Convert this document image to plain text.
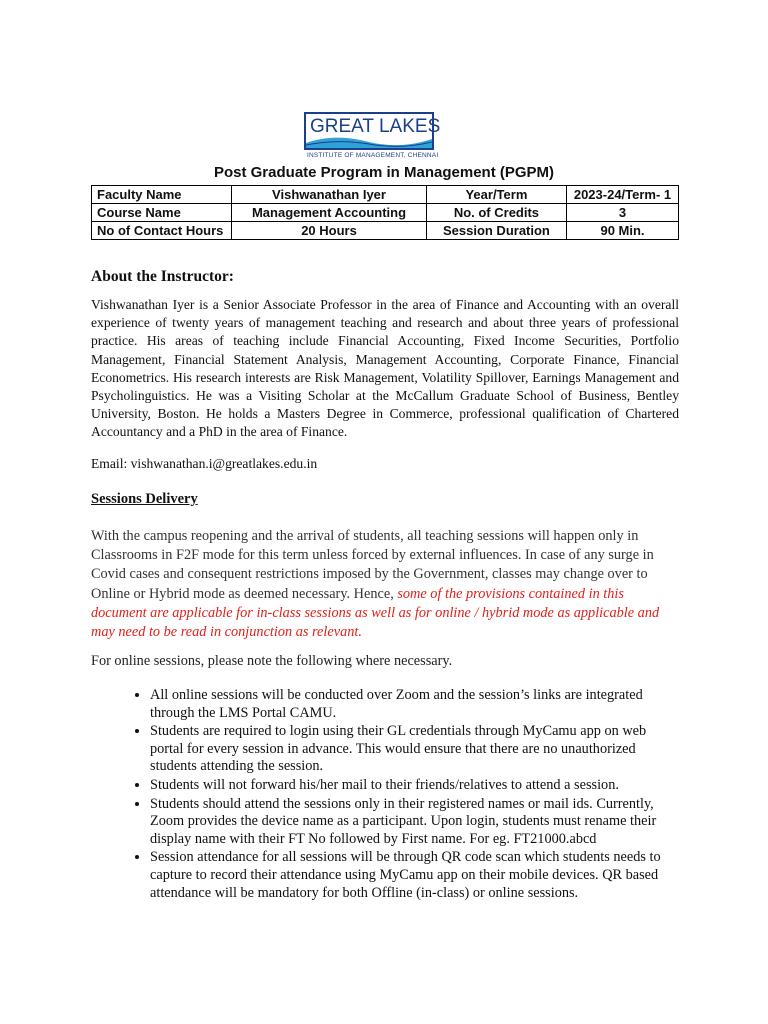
GREAT LAKES
INSTITUTE OF MANAGEMENT, CHENNAI
Post Graduate Program in Management (PGPM)
Faculty Name	Vishwanathan Iyer	Year/Term	2023-24/Term- 1
Course Name	Management Accounting	No. of Credits	3
No of Contact Hours	20 Hours	Session Duration	90 Min.
About the Instructor:
Vishwanathan Iyer is a Senior Associate Professor in the area of Finance and Accounting with an overall experience of twenty years of management teaching and research and about three years of professional practice. His areas of teaching include Financial Accounting, Fixed Income Securities, Portfolio Management, Financial Statement Analysis, Management Accounting, Corporate Finance, Financial Econometrics. His research interests are Risk Management, Volatility Spillover, Earnings Management and Psycholinguistics. He was a Visiting Scholar at the McCallum Graduate School of Business, Bentley University, Boston. He holds a Masters Degree in Commerce, professional qualification of Chartered Accountancy and a PhD in the area of Finance.
Email: vishwanathan.i@greatlakes.edu.in
Sessions Delivery
With the campus reopening and the arrival of students, all teaching sessions will happen only in Classrooms in F2F mode for this term unless forced by external influences. In case of any surge in Covid cases and consequent restrictions imposed by the Government, classes may change over to Online or Hybrid mode as deemed necessary. Hence, some of the provisions contained in this document are applicable for in-class sessions as well as for online / hybrid mode as applicable and may need to be read in conjunction as relevant.
For online sessions, please note the following where necessary.
• All online sessions will be conducted over Zoom and the session’s links are integrated through the LMS Portal CAMU.
• Students are required to login using their GL credentials through MyCamu app on web portal for every session in advance. This would ensure that there are no unauthorized students attending the session.
• Students will not forward his/her mail to their friends/relatives to attend a session.
• Students should attend the sessions only in their registered names or mail ids. Currently, Zoom provides the device name as a participant. Upon login, students must rename their display name with their FT No followed by First name. For eg. FT21000.abcd
• Session attendance for all sessions will be through QR code scan which students needs to capture to record their attendance using MyCamu app on their mobile devices. QR based attendance will be mandatory for both Offline (in-class) or online sessions.
